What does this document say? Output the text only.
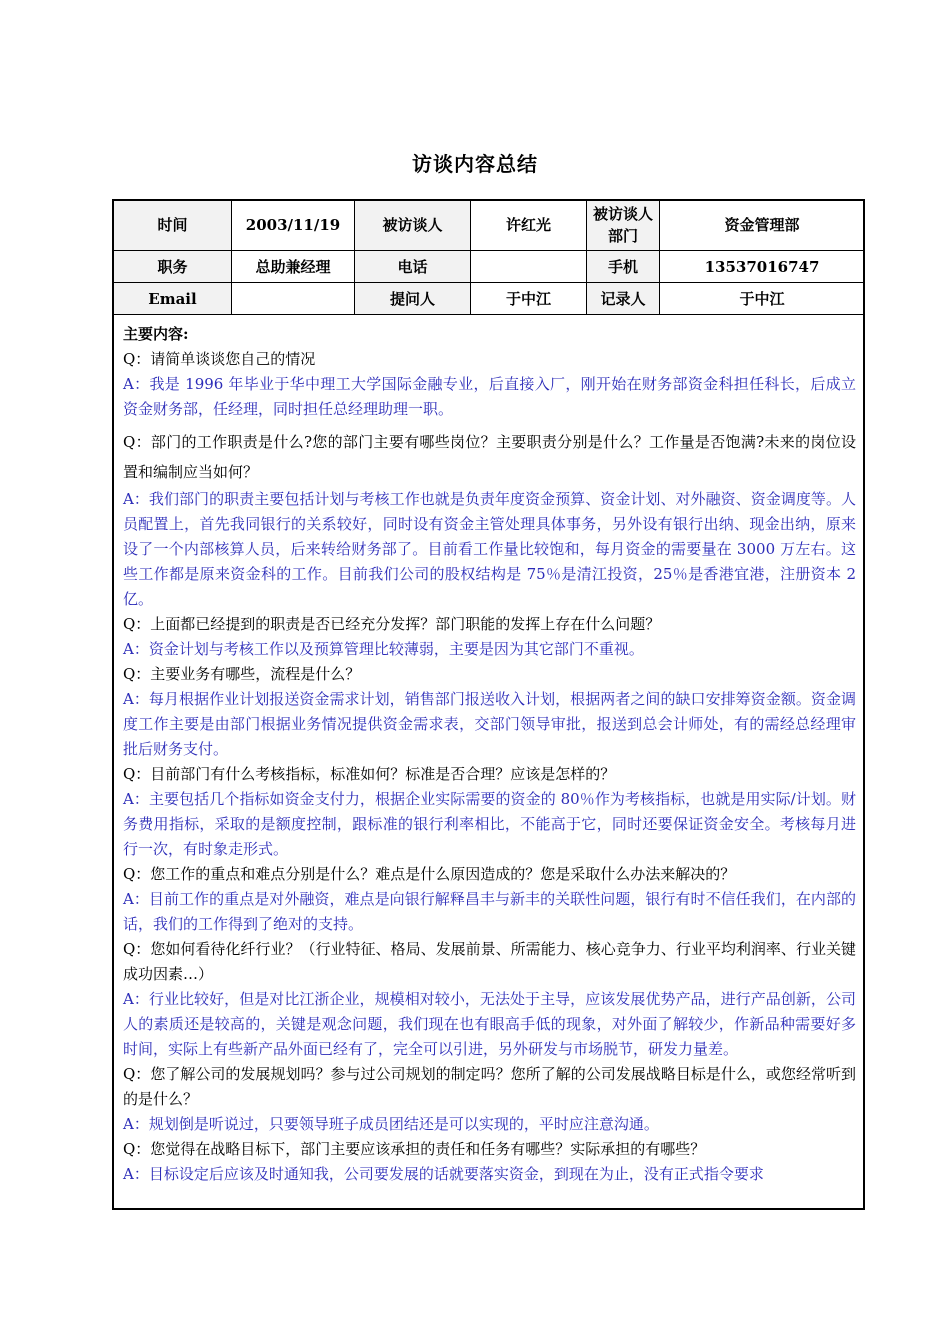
访谈内容总结
时间	2003/11/19	被访谈人	许红光	被访谈人部门	资金管理部
职务	总助兼经理	电话		手机	13537016747
Email		提问人	于中江	记录人	于中江

主要内容:

Q：请简单谈谈您自己的情况

A：我是 1996 年毕业于华中理工大学国际金融专业，后直接入厂，刚开始在财务部资金科担任科长，后成立资金财务部，任经理，同时担任总经理助理一职。

Q：部门的工作职责是什么?您的部门主要有哪些岗位？主要职责分别是什么？工作量是否饱满?未来的岗位设置和编制应当如何？

A：我们部门的职责主要包括计划与考核工作也就是负责年度资金预算、资金计划、对外融资、资金调度等。人员配置上，首先我同银行的关系较好，同时设有资金主管处理具体事务，另外设有银行出纳、现金出纳，原来设了一个内部核算人员，后来转给财务部了。目前看工作量比较饱和，每月资金的需要量在 3000 万左右。这些工作都是原来资金科的工作。目前我们公司的股权结构是 75％是清江投资，25％是香港宜港，注册资本 2 亿。

Q：上面都已经提到的职责是否已经充分发挥？部门职能的发挥上存在什么问题？

A：资金计划与考核工作以及预算管理比较薄弱，主要是因为其它部门不重视。

Q：主要业务有哪些，流程是什么？

A：每月根据作业计划报送资金需求计划，销售部门报送收入计划，根据两者之间的缺口安排筹资金额。资金调度工作主要是由部门根据业务情况提供资金需求表，交部门领导审批，报送到总会计师处，有的需经总经理审批后财务支付。

Q：目前部门有什么考核指标，标准如何？标准是否合理？应该是怎样的？

A：主要包括几个指标如资金支付力，根据企业实际需要的资金的 80％作为考核指标，也就是用实际/计划。财务费用指标，采取的是额度控制，跟标准的银行利率相比，不能高于它，同时还要保证资金安全。考核每月进行一次，有时象走形式。

Q：您工作的重点和难点分别是什么？难点是什么原因造成的？您是采取什么办法来解决的？

A：目前工作的重点是对外融资，难点是向银行解释昌丰与新丰的关联性问题，银行有时不信任我们，在内部的话，我们的工作得到了绝对的支持。

Q：您如何看待化纤行业？（行业特征、格局、发展前景、所需能力、核心竞争力、行业平均利润率、行业关键成功因素…）

A：行业比较好，但是对比江浙企业，规模相对较小，无法处于主导，应该发展优势产品，进行产品创新，公司人的素质还是较高的，关键是观念问题，我们现在也有眼高手低的现象，对外面了解较少，作新品种需要好多时间，实际上有些新产品外面已经有了，完全可以引进，另外研发与市场脱节，研发力量差。

Q：您了解公司的发展规划吗？参与过公司规划的制定吗？您所了解的公司发展战略目标是什么，或您经常听到的是什么？

A：规划倒是听说过，只要领导班子成员团结还是可以实现的，平时应注意沟通。

Q：您觉得在战略目标下，部门主要应该承担的责任和任务有哪些？实际承担的有哪些？

A：目标设定后应该及时通知我，公司要发展的话就要落实资金，到现在为止，没有正式指令要求
